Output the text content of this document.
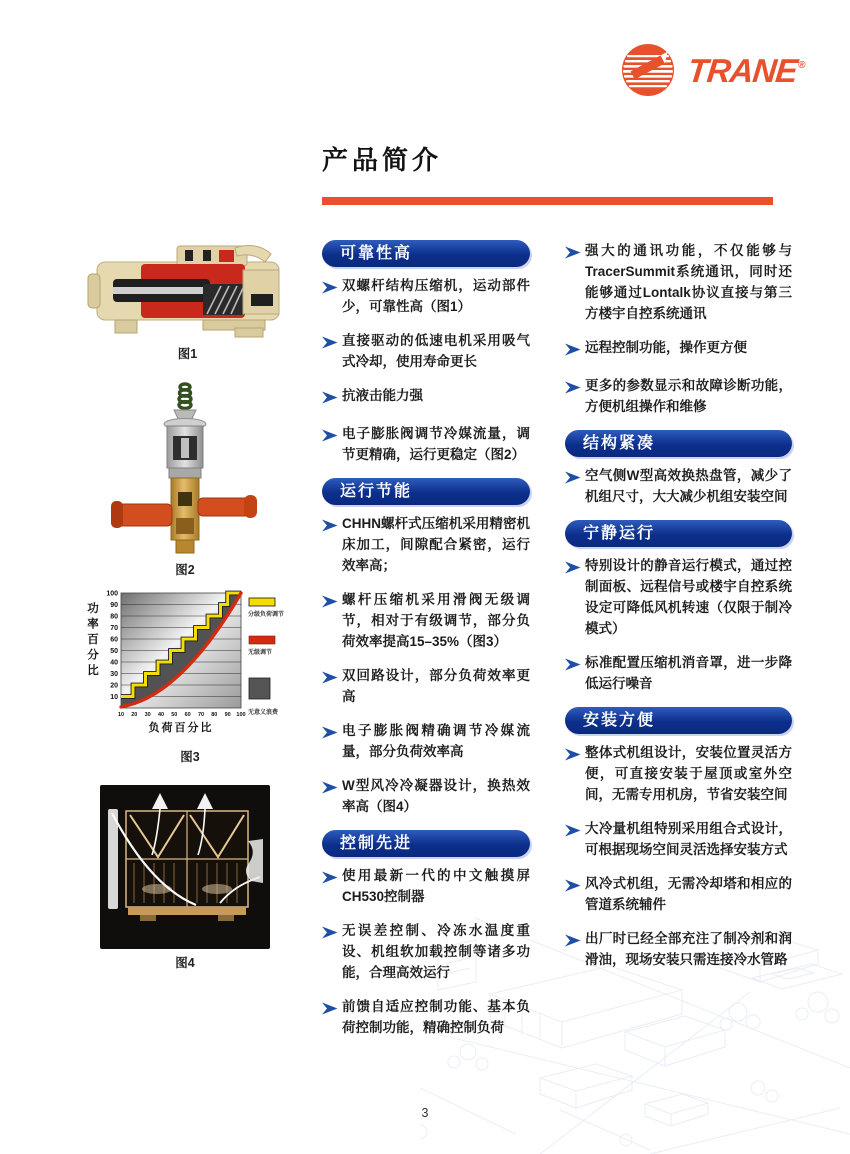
TRANE®
产品简介
图1
图2
功率百分比
100
90
80
70
60
50
40
30
20
10
10 20 30 40 50 60 70 80 90 100
负荷百分比
分级负荷调节
无级调节
无意义浪费
图3
图4
可靠性高
双螺杆结构压缩机，运动部件少，可靠性高（图1）
直接驱动的低速电机采用吸气式冷却，使用寿命更长
抗液击能力强
电子膨胀阀调节冷媒流量，调节更精确，运行更稳定（图2）
运行节能
CHHN螺杆式压缩机采用精密机床加工，间隙配合紧密，运行效率高；
螺杆压缩机采用滑阀无级调节，相对于有级调节，部分负荷效率提高15–35%（图3）
双回路设计，部分负荷效率更高
电子膨胀阀精确调节冷媒流量，部分负荷效率高
W型风冷冷凝器设计，换热效率高（图4）
控制先进
使用最新一代的中文触摸屏CH530控制器
无误差控制、冷冻水温度重设、机组软加载控制等诸多功能，合理高效运行
前馈自适应控制功能、基本负荷控制功能，精确控制负荷
强大的通讯功能，不仅能够与TracerSummit系统通讯，同时还能够通过Lontalk协议直接与第三方楼宇自控系统通讯
远程控制功能，操作更方便
更多的参数显示和故障诊断功能，方便机组操作和维修
结构紧凑
空气侧W型高效换热盘管，减少了机组尺寸，大大减少机组安装空间
宁静运行
特别设计的静音运行模式，通过控制面板、远程信号或楼宇自控系统设定可降低风机转速（仅限于制冷模式）
标准配置压缩机消音罩，进一步降低运行噪音
安装方便
整体式机组设计，安装位置灵活方便，可直接安装于屋顶或室外空间，无需专用机房，节省安装空间
大冷量机组特别采用组合式设计，可根据现场空间灵活选择安装方式
风冷式机组，无需冷却塔和相应的管道系统辅件
出厂时已经全部充注了制冷剂和润滑油，现场安装只需连接冷水管路
3
